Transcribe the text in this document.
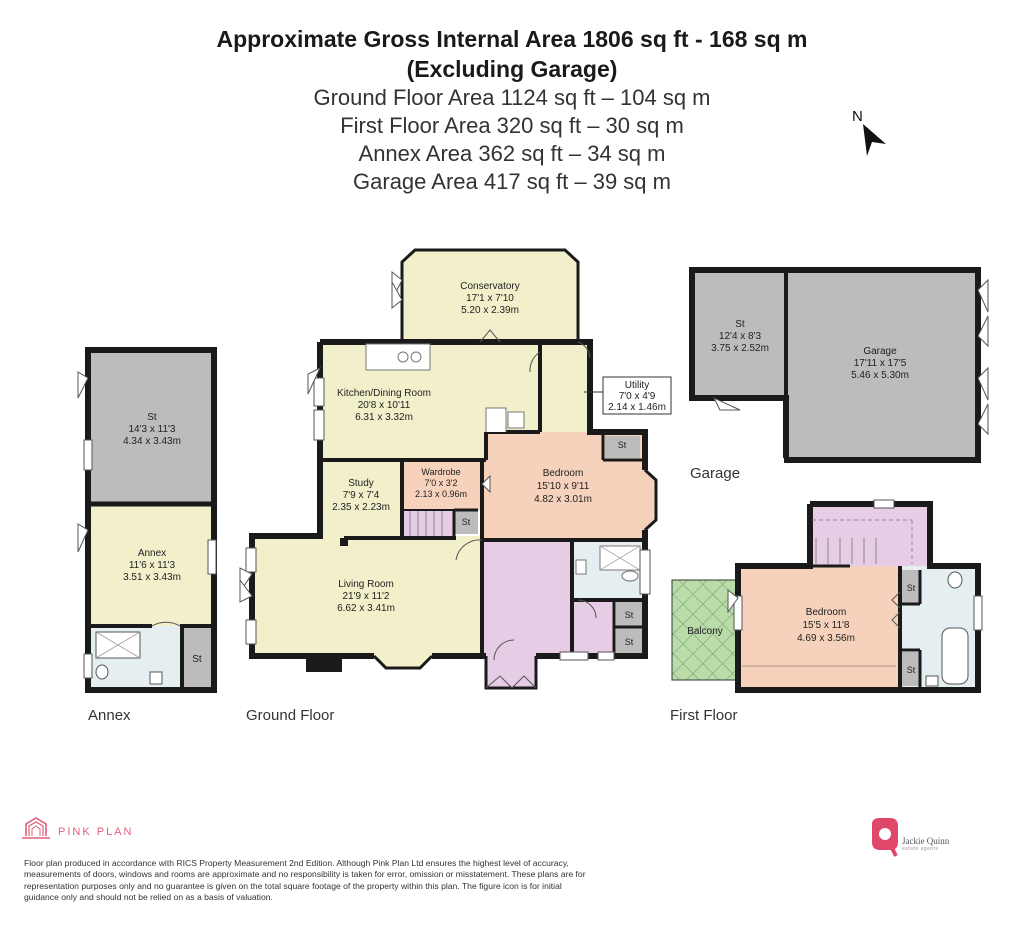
Approximate Gross Internal Area 1806 sq ft - 168 sq m
(Excluding Garage)
Ground Floor Area 1124 sq ft – 104 sq m
First Floor Area 320 sq ft – 30 sq m
Annex Area 362 sq ft – 34 sq m
Garage Area 417 sq ft – 39 sq m
N
St
14'3 x 11'3
4.34 x 3.43m
Annex
11'6 x 11'3
3.51 x 3.43m
St
Conservatory
17'1 x 7'10
5.20 x 2.39m
Kitchen/Dining Room
20'8 x 10'11
6.31 x 3.32m
Utility
7'0 x 4'9
2.14 x 1.46m
Study
7'9 x 7'4
2.35 x 2.23m
Wardrobe
7'0 x 3'2
2.13 x 0.96m
Bedroom
15'10 x 9'11
4.82 x 3.01m
Living Room
21'9 x 11'2
6.62 x 3.41m
St
St
St
St
St
12'4 x 8'3
3.75 x 2.52m	Garage
17'11 x 17'5
5.46 x 5.30m
Balcony
Bedroom
15'5 x 11'8
4.69 x 3.56m
St
St
Annex	Ground Floor	First Floor
Garage
PINK PLAN
Floor plan produced in accordance with RICS Property Measurement 2nd Edition. Although Pink Plan Ltd ensures the highest level of accuracy, measurements of doors, windows and rooms are approximate and no responsibility is taken for error, omission or misstatement. These plans are for representation purposes only and no guarantee is given on the total square footage of the property within this plan. The figure icon is for initial guidance only and should not be relied on as a basis of valuation.
Jackie Quinn
estate agents
